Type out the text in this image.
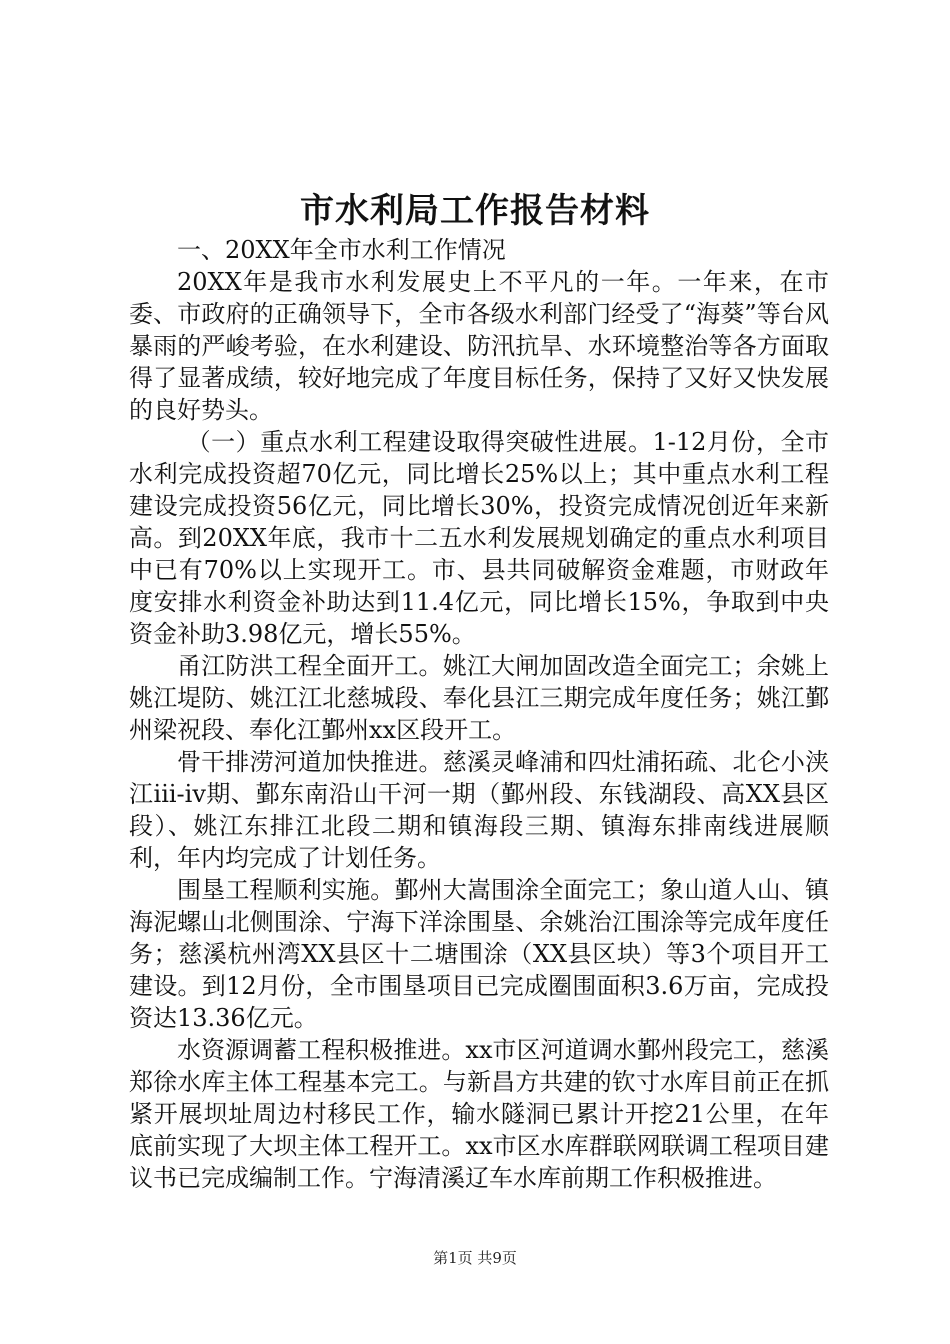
市水利局工作报告材料

一、20XX年全市水利工作情况

20XX年是我市水利发展史上不平凡的一年。一年来，在市委、市政府的正确领导下，全市各级水利部门经受了“海葵”等台风暴雨的严峻考验，在水利建设、防汛抗旱、水环境整治等各方面取得了显著成绩，较好地完成了年度目标任务，保持了又好又快发展的良好势头。

（一）重点水利工程建设取得突破性进展。1-12月份，全市水利完成投资超70亿元，同比增长25%以上；其中重点水利工程建设完成投资56亿元，同比增长30%，投资完成情况创近年来新高。到20XX年底，我市十二五水利发展规划确定的重点水利项目中已有70%以上实现开工。市、县共同破解资金难题，市财政年度安排水利资金补助达到11.4亿元，同比增长15%，争取到中央资金补助3.98亿元，增长55%。

甬江防洪工程全面开工。姚江大闸加固改造全面完工；余姚上姚江堤防、姚江江北慈城段、奉化县江三期完成年度任务；姚江鄞州梁祝段、奉化江鄞州xx区段开工。

骨干排涝河道加快推进。慈溪灵峰浦和四灶浦拓疏、北仑小浃江iii-iv期、鄞东南沿山干河一期（鄞州段、东钱湖段、高XX县区段）、姚江东排江北段二期和镇海段三期、镇海东排南线进展顺利，年内均完成了计划任务。

围垦工程顺利实施。鄞州大嵩围涂全面完工；象山道人山、镇海泥螺山北侧围涂、宁海下洋涂围垦、余姚治江围涂等完成年度任务；慈溪杭州湾XX县区十二塘围涂（XX县区块）等3个项目开工建设。到12月份，全市围垦项目已完成圈围面积3.6万亩，完成投资达13.36亿元。

水资源调蓄工程积极推进。xx市区河道调水鄞州段完工，慈溪郑徐水库主体工程基本完工。与新昌方共建的钦寸水库目前正在抓紧开展坝址周边村移民工作，输水隧洞已累计开挖21公里，在年底前实现了大坝主体工程开工。xx市区水库群联网联调工程项目建议书已完成编制工作。宁海清溪辽车水库前期工作积极推进。

第1页 共9页
